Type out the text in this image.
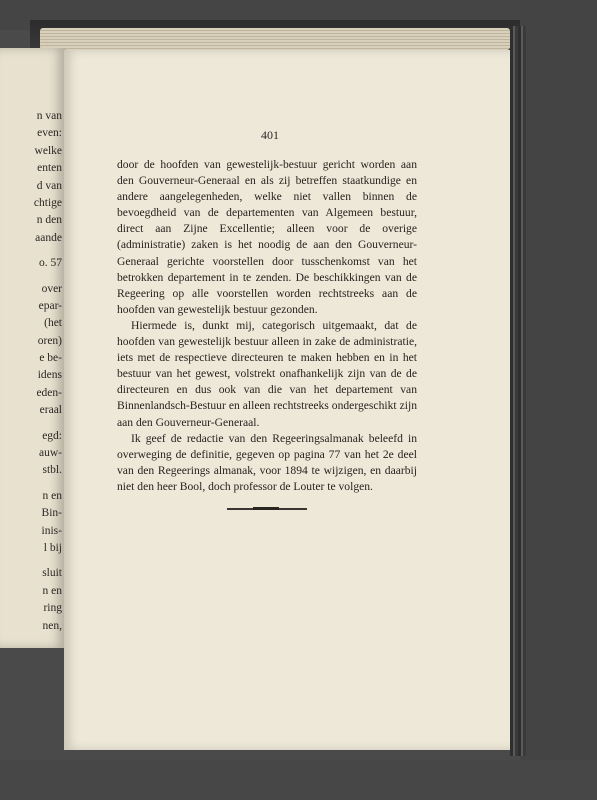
n van
even:
welke
enten
d van
chtige
n den
aande
o. 57
over
epar-
(het
oren)
e be-
idens
eden-
eraal
egd:
auw-
stbl.
n en
Bin-
inis-
l bij
sluit
n en
ring
nen,
401

door de hoofden van gewestelijk-bestuur gericht worden aan den Gouverneur-Generaal en als zij betreffen staatkundige en andere aangelegenheden, welke niet vallen binnen de bevoegdheid van de departementen van Algemeen bestuur, direct aan Zijne Excellentie; alleen voor de overige (administratie) zaken is het noodig de aan den Gouverneur-Generaal gerichte voorstellen door tusschenkomst van het betrokken departement in te zenden. De beschikkingen van de Regeering op alle voorstellen worden rechtstreeks aan de hoofden van gewestelijk bestuur gezonden.

Hiermede is, dunkt mij, categorisch uitgemaakt, dat de hoofden van gewestelijk bestuur alleen in zake de administratie, iets met de respectieve directeuren te maken hebben en in het bestuur van het gewest, volstrekt onafhankelijk zijn van de de directeuren en dus ook van die van het departement van Binnenlandsch-Bestuur en alleen rechtstreeks ondergeschikt zijn aan den Gouverneur-Generaal.

Ik geef de redactie van den Regeeringsalmanak beleefd in overweging de definitie, gegeven op pagina 77 van het 2e deel van den Regeerings almanak, voor 1894 te wijzigen, en daarbij niet den heer Bool, doch professor de Louter te volgen.
